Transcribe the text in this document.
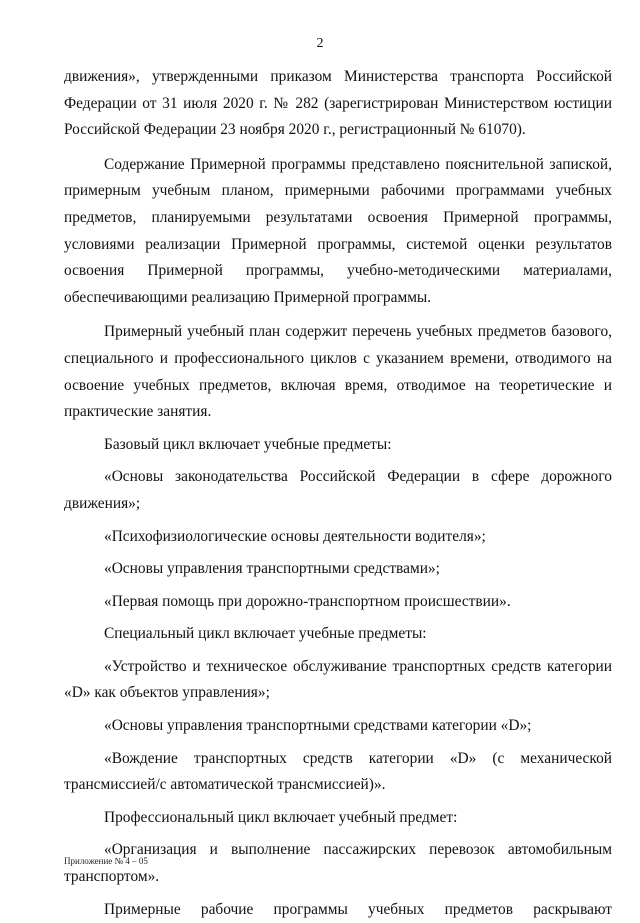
2

движения», утвержденными приказом Министерства транспорта Российской Федерации от 31 июля 2020 г. № 282 (зарегистрирован Министерством юстиции Российской Федерации 23 ноября 2020 г., регистрационный № 61070).

Содержание Примерной программы представлено пояснительной запиской, примерным учебным планом, примерными рабочими программами учебных предметов, планируемыми результатами освоения Примерной программы, условиями реализации Примерной программы, системой оценки результатов освоения Примерной программы, учебно-методическими материалами, обеспечивающими реализацию Примерной программы.

Примерный учебный план содержит перечень учебных предметов базового, специального и профессионального циклов с указанием времени, отводимого на освоение учебных предметов, включая время, отводимое на теоретические и практические занятия.

Базовый цикл включает учебные предметы:

«Основы законодательства Российской Федерации в сфере дорожного движения»;

«Психофизиологические основы деятельности водителя»;

«Основы управления транспортными средствами»;

«Первая помощь при дорожно-транспортном происшествии».

Специальный цикл включает учебные предметы:

«Устройство и техническое обслуживание транспортных средств категории «D» как объектов управления»;

«Основы управления транспортными средствами категории «D»;

«Вождение транспортных средств категории «D» (с механической трансмиссией/с автоматической трансмиссией)».

Профессиональный цикл включает учебный предмет:

«Организация и выполнение пассажирских перевозок автомобильным транспортом».

Примерные рабочие программы учебных предметов раскрывают

Приложение № 4 – 05
